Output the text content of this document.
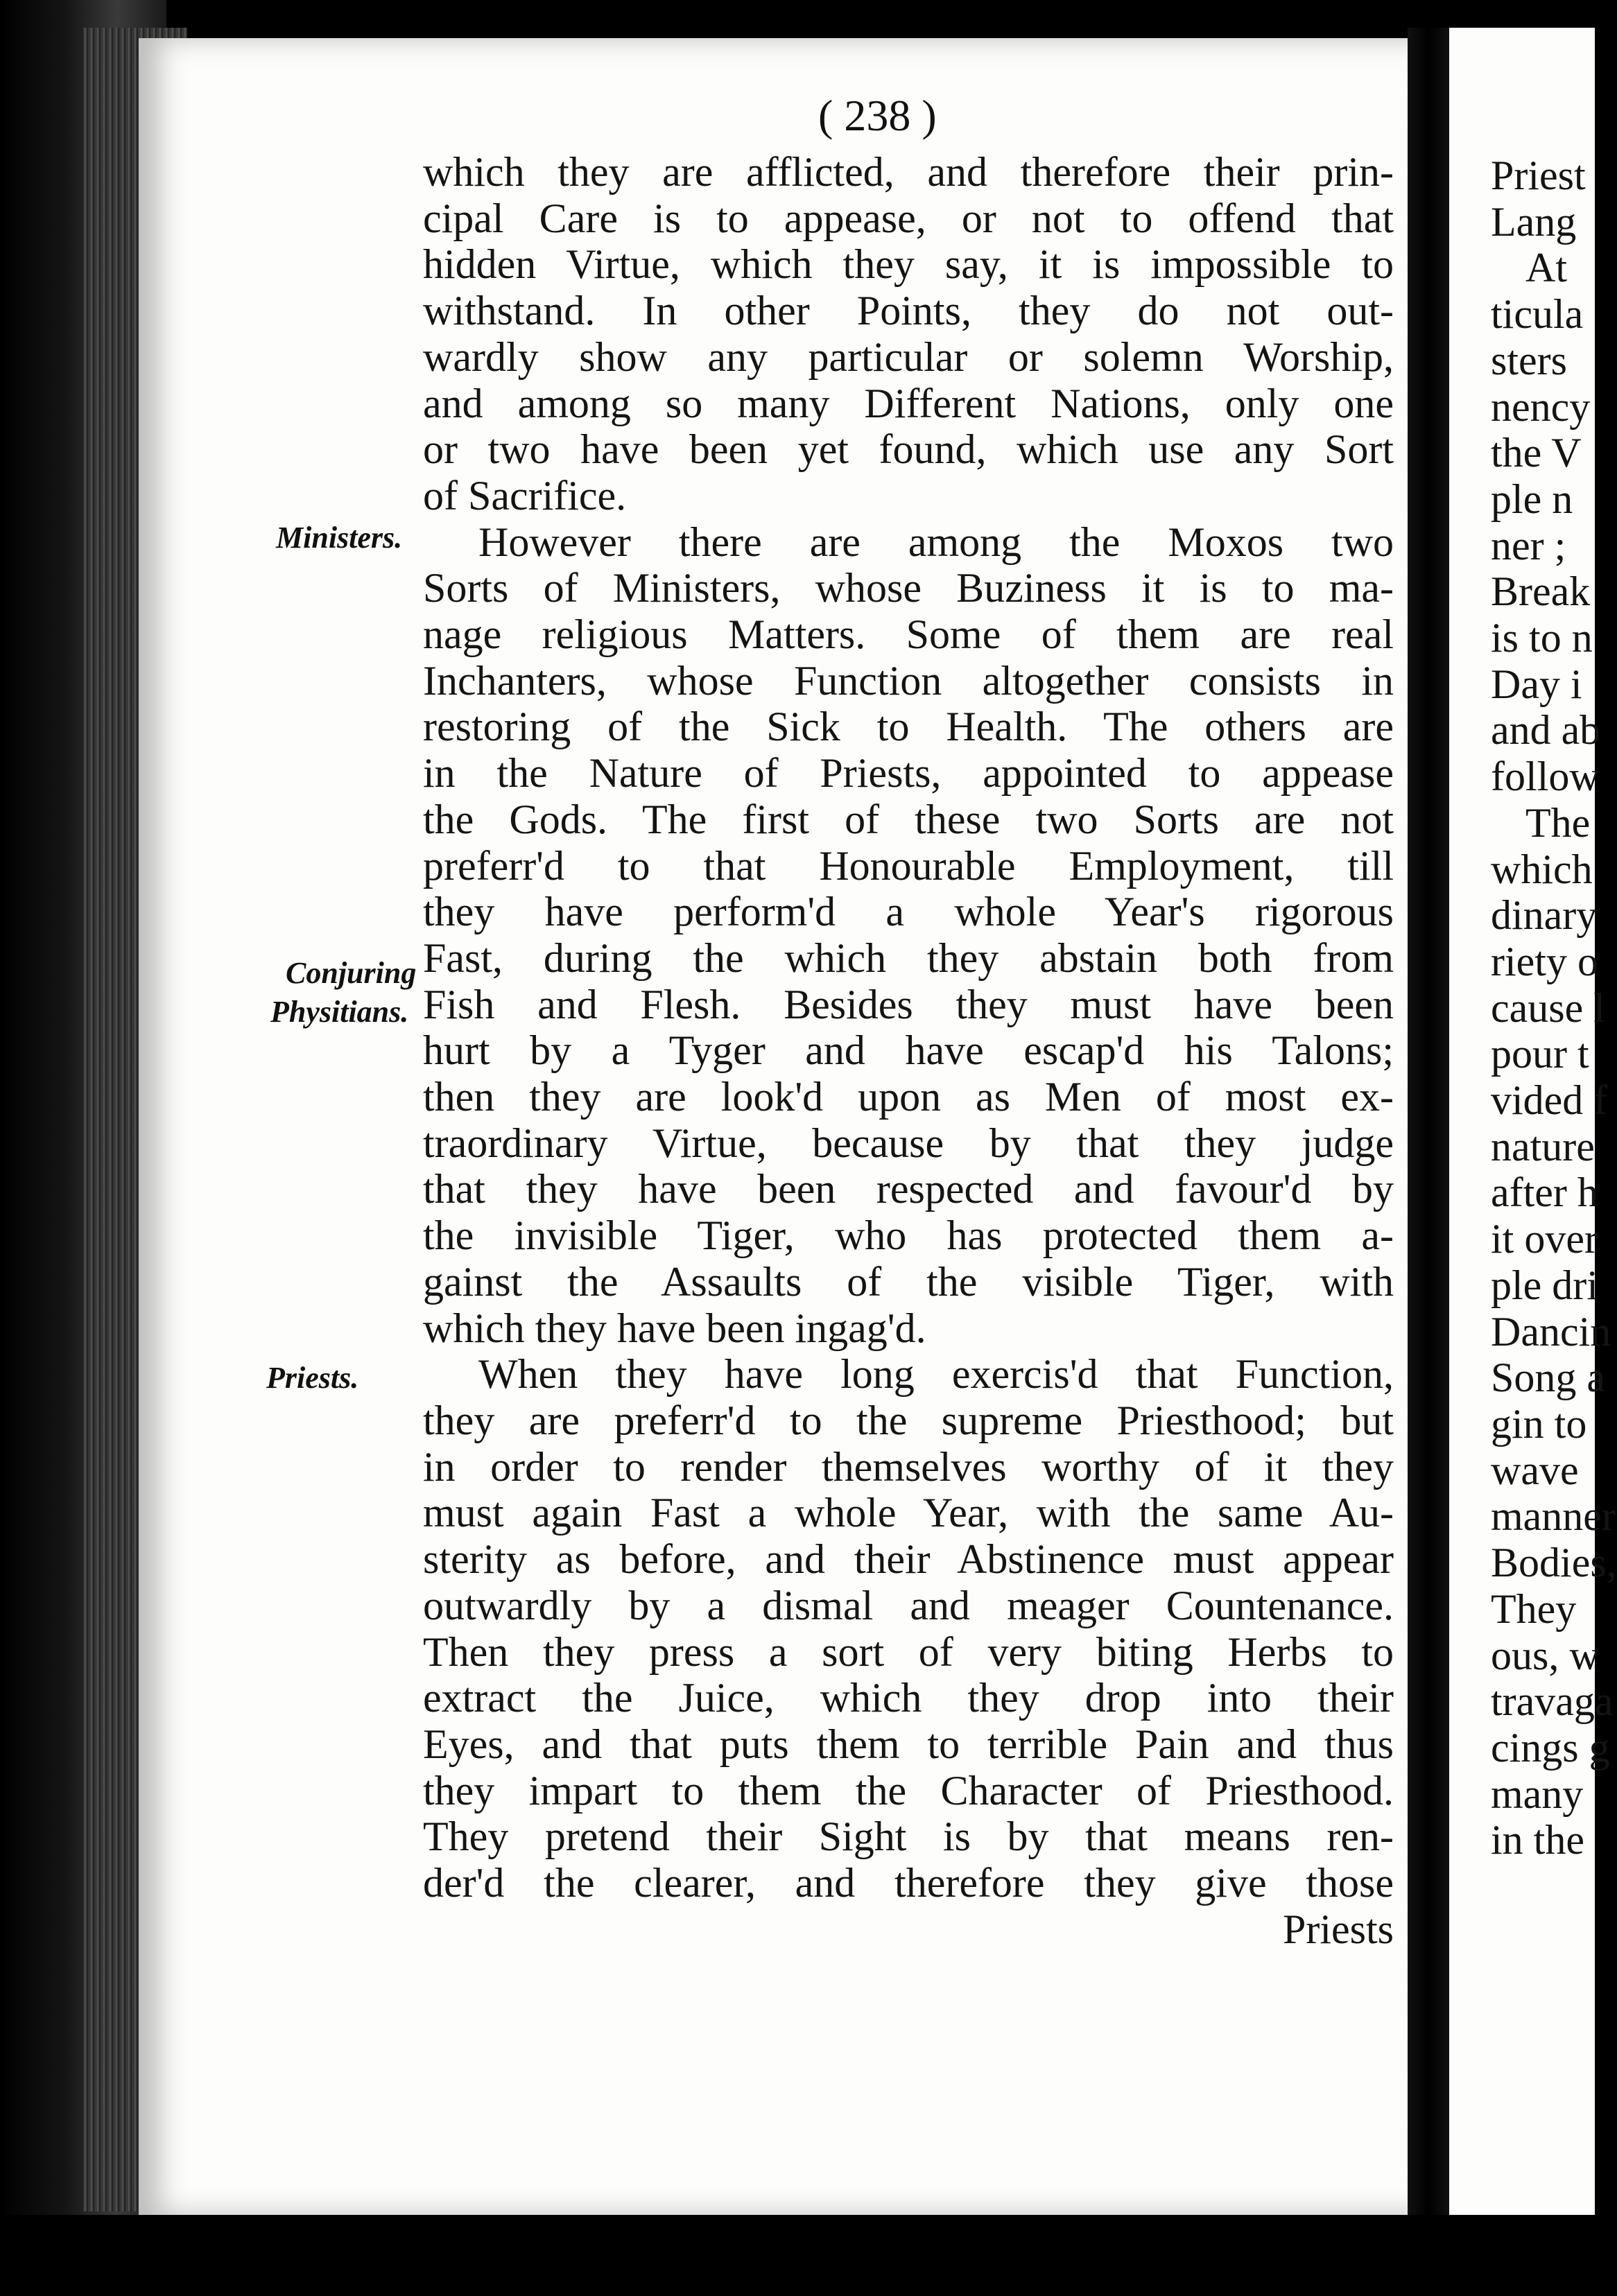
( 238 )
Ministers.
Conjuring
Physitians.
Priests.
which they are afflicted, and therefore their prin-
cipal Care is to appease, or not to offend that
hidden Virtue, which they say, it is impossible to
withstand. In other Points, they do not out-
wardly show any particular or solemn Worship,
and among so many Different Nations, only one
or two have been yet found, which use any Sort
of Sacrifice.
However there are among the Moxos two
Sorts of Ministers, whose Buziness it is to ma-
nage religious Matters. Some of them are real
Inchanters, whose Function altogether consists in
restoring of the Sick to Health. The others are
in the Nature of Priests, appointed to appease
the Gods. The first of these two Sorts are not
preferr'd to that Honourable Employment, till
they have perform'd a whole Year's rigorous
Fast, during the which they abstain both from
Fish and Flesh. Besides they must have been
hurt by a Tyger and have escap'd his Talons;
then they are look'd upon as Men of most ex-
traordinary Virtue, because by that they judge
that they have been respected and favour'd by
the invisible Tiger, who has protected them a-
gainst the Assaults of the visible Tiger, with
which they have been ingag'd.
When they have long exercis'd that Function,
they are preferr'd to the supreme Priesthood; but
in order to render themselves worthy of it they
must again Fast a whole Year, with the same Au-
sterity as before, and their Abstinence must appear
outwardly by a dismal and meager Countenance.
Then they press a sort of very biting Herbs to
extract the Juice, which they drop into their
Eyes, and that puts them to terrible Pain and thus
they impart to them the Character of Priesthood.
They pretend their Sight is by that means ren-
der'd the clearer, and therefore they give those
Priests
Priest
Lang
At
ticula
sters
nency
the V
ple n
ner ;
Break
is to n
Day i
and ab
follow
The
which
dinary
riety o
cause l
pour t
vided f
nature
after h
it over
ple dri
Dancin
Song a
gin to
wave
manner
Bodies,
They
ous, w
travaga
cings g
many
in the
